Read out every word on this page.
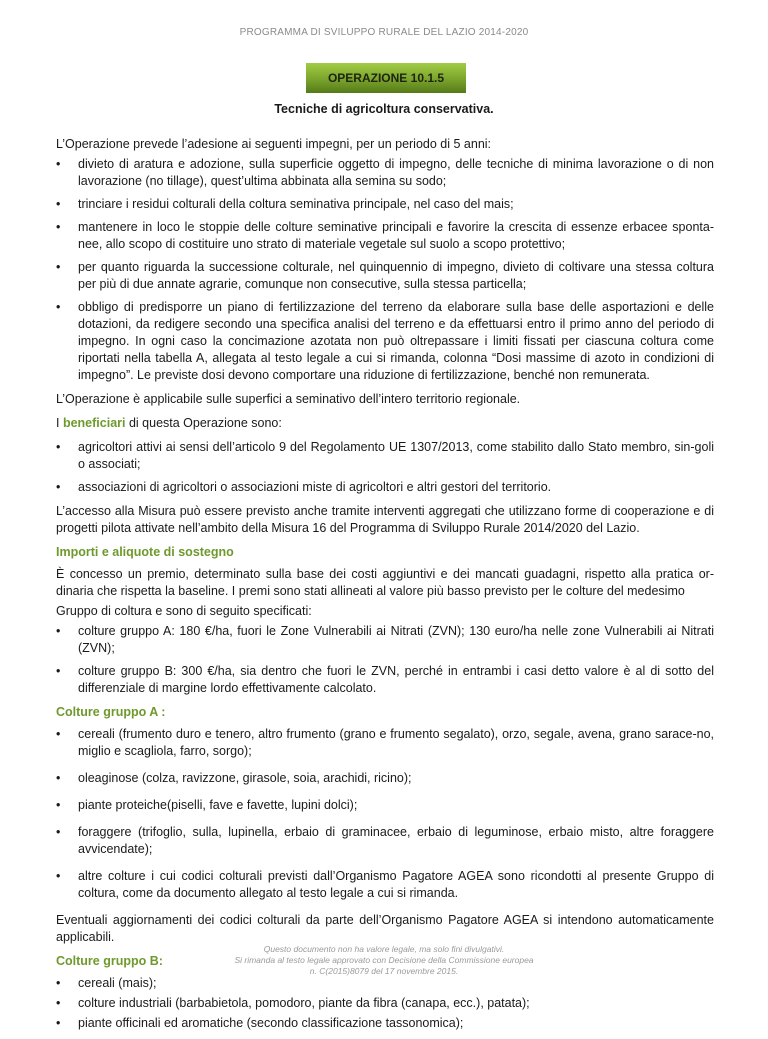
PROGRAMMA DI SVILUPPO RURALE DEL LAZIO 2014-2020
OPERAZIONE 10.1.5
Tecniche di agricoltura conservativa.

L’Operazione prevede l’adesione ai seguenti impegni, per un periodo di 5 anni:

• divieto di aratura e adozione, sulla superficie oggetto di impegno, delle tecniche di minima lavorazione o di non lavorazione (no tillage), quest’ultima abbinata alla semina su sodo;
• trinciare i residui colturali della coltura seminativa principale, nel caso del mais;
• mantenere in loco le stoppie delle colture seminative principali e favorire la crescita di essenze erbacee sponta-nee, allo scopo di costituire uno strato di materiale vegetale sul suolo a scopo protettivo;
• per quanto riguarda la successione colturale, nel quinquennio di impegno, divieto di coltivare una stessa coltura per più di due annate agrarie, comunque non consecutive, sulla stessa particella;
• obbligo di predisporre un piano di fertilizzazione del terreno da elaborare sulla base delle asportazioni e delle dotazioni, da redigere secondo una specifica analisi del terreno e da effettuarsi entro il primo anno del periodo di impegno. In ogni caso la concimazione azotata non può oltrepassare i limiti fissati per ciascuna coltura come riportati nella tabella A, allegata al testo legale a cui si rimanda, colonna “Dosi massime di azoto in condizioni di impegno”. Le previste dosi devono comportare una riduzione di fertilizzazione, benché non remunerata.

L’Operazione è applicabile sulle superfici a seminativo dell’intero territorio regionale.

I beneficiari di questa Operazione sono:

• agricoltori attivi ai sensi dell’articolo 9 del Regolamento UE 1307/2013, come stabilito dallo Stato membro, sin-goli o associati;
• associazioni di agricoltori o associazioni miste di agricoltori e altri gestori del territorio.

L’accesso alla Misura può essere previsto anche tramite interventi aggregati che utilizzano forme di cooperazione e di progetti pilota attivate nell’ambito della Misura 16 del Programma di Sviluppo Rurale 2014/2020 del Lazio.

Importi e aliquote di sostegno

È concesso un premio, determinato sulla base dei costi aggiuntivi e dei mancati guadagni, rispetto alla pratica or-dinaria che rispetta la baseline. I premi sono stati allineati al valore più basso previsto per le colture del medesimo

Gruppo di coltura e sono di seguito specificati:

• colture gruppo A: 180 €/ha, fuori le Zone Vulnerabili ai Nitrati (ZVN); 130 euro/ha nelle zone Vulnerabili ai Nitrati (ZVN);
• colture gruppo B: 300 €/ha, sia dentro che fuori le ZVN, perché in entrambi i casi detto valore è al di sotto del differenziale di margine lordo effettivamente calcolato.
Colture gruppo A :
• cereali (frumento duro e tenero, altro frumento (grano e frumento segalato), orzo, segale, avena, grano sarace-no, miglio e scagliola, farro, sorgo);
• oleaginose (colza, ravizzone, girasole, soia, arachidi, ricino);
• piante proteiche(piselli, fave e favette, lupini dolci);
• foraggere (trifoglio, sulla, lupinella, erbaio di graminacee, erbaio di leguminose, erbaio misto, altre foraggere avvicendate);
• altre colture i cui codici colturali previsti dall’Organismo Pagatore AGEA sono ricondotti al presente Gruppo di coltura, come da documento allegato al testo legale a cui si rimanda.

Eventuali aggiornamenti dei codici colturali da parte dell’Organismo Pagatore AGEA si intendono automaticamente applicabili.

Colture gruppo B:
• cereali (mais);
• colture industriali (barbabietola, pomodoro, piante da fibra (canapa, ecc.), patata);
• piante officinali ed aromatiche (secondo classificazione tassonomica);
Questo documento non ha valore legale, ma solo fini divulgativi.
Si rimanda al testo legale approvato con Decisione della Commissione europea
n. C(2015)8079 del 17 novembre 2015.
